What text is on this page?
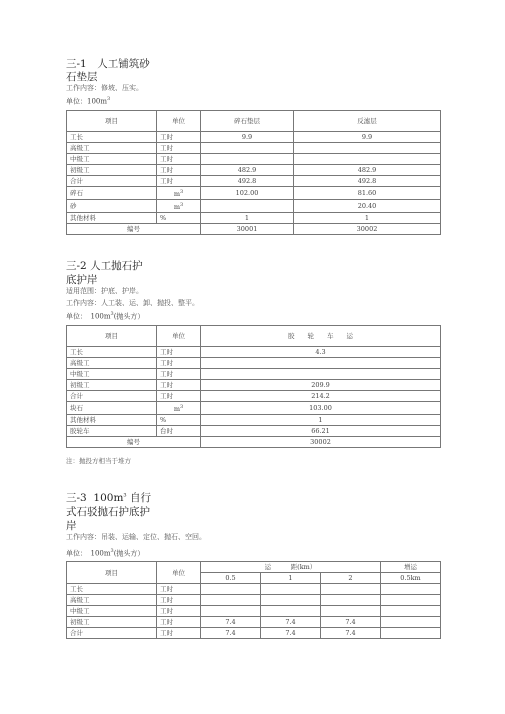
三-1　人工铺筑砂
石垫层
工作内容：修坡、压实。
单位：$100m^3$
项目	单位	碎石垫层	反滤层
工长	工时	9.9	9.9
高级工	工时		
中级工	工时		
初级工	工时	482.9	482.9
合计	工时	492.8	492.8
碎石	$m^3$	102.00	81.60
砂	$m^3$		20.40
其他材料	%	1	1
编号		30001	30002
三-2 人工抛石护
底护岸
适用范围：护底、护岸。
工作内容：人工装、运、卸、抛投、整平。
单位：　$100m^3$(抛头方）
项目	单位	胶　　轮　　车　　运
工长	工时	4.3
高级工	工时	
中级工	工时	
初级工	工时	209.9
合计	工时	214.2
块石	$m^3$	103.00
其他材料	%	1
胶轮车	台时	66.21
编号		30002
注：抛投方相当于堆方
三-3 $100m^3$ 自行
式石驳抛石护底护
岸
工作内容：吊装、运输、定位、抛石、空回。
单位：　$100m^3$(抛头方）
项目	单位	运　　　距(km）			增运
		0.5	1	2	0.5km
工长	工时				
高级工	工时				
中级工	工时				
初级工	工时	7.4	7.4	7.4	
合计	工时	7.4	7.4	7.4	
